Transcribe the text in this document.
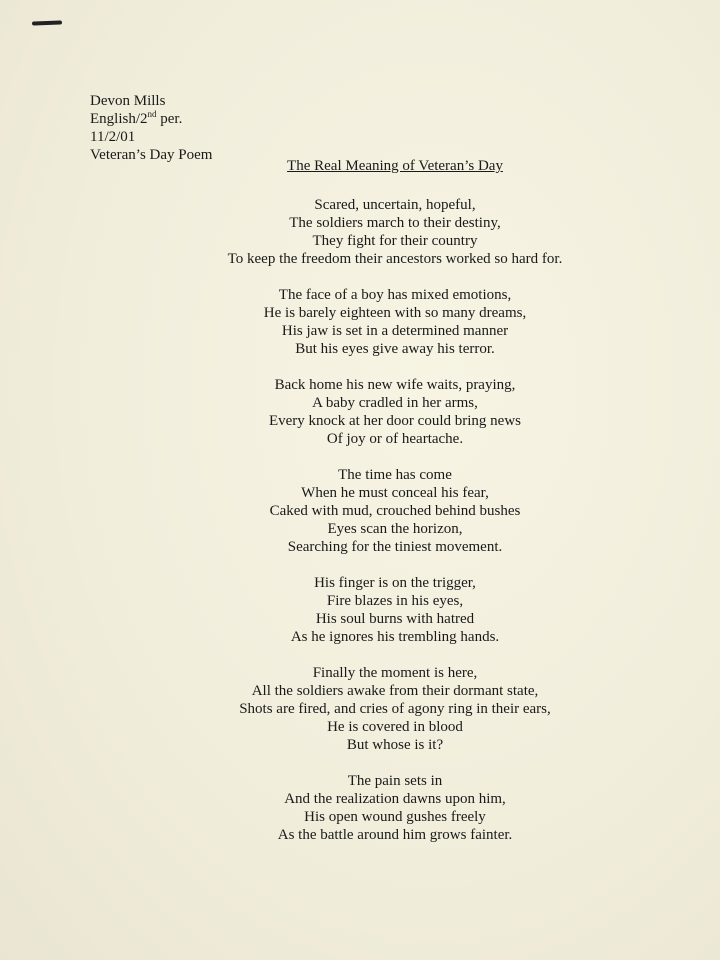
Devon Mills
English/2nd per.
11/2/01
Veteran’s Day Poem
The Real Meaning of Veteran’s Day
Scared, uncertain, hopeful,
The soldiers march to their destiny,
They fight for their country
To keep the freedom their ancestors worked so hard for.
The face of a boy has mixed emotions,
He is barely eighteen with so many dreams,
His jaw is set in a determined manner
But his eyes give away his terror.
Back home his new wife waits, praying,
A baby cradled in her arms,
Every knock at her door could bring news
Of joy or of heartache.
The time has come
When he must conceal his fear,
Caked with mud, crouched behind bushes
Eyes scan the horizon,
Searching for the tiniest movement.
His finger is on the trigger,
Fire blazes in his eyes,
His soul burns with hatred
As he ignores his trembling hands.
Finally the moment is here,
All the soldiers awake from their dormant state,
Shots are fired, and cries of agony ring in their ears,
He is covered in blood
But whose is it?
The pain sets in
And the realization dawns upon him,
His open wound gushes freely
As the battle around him grows fainter.
